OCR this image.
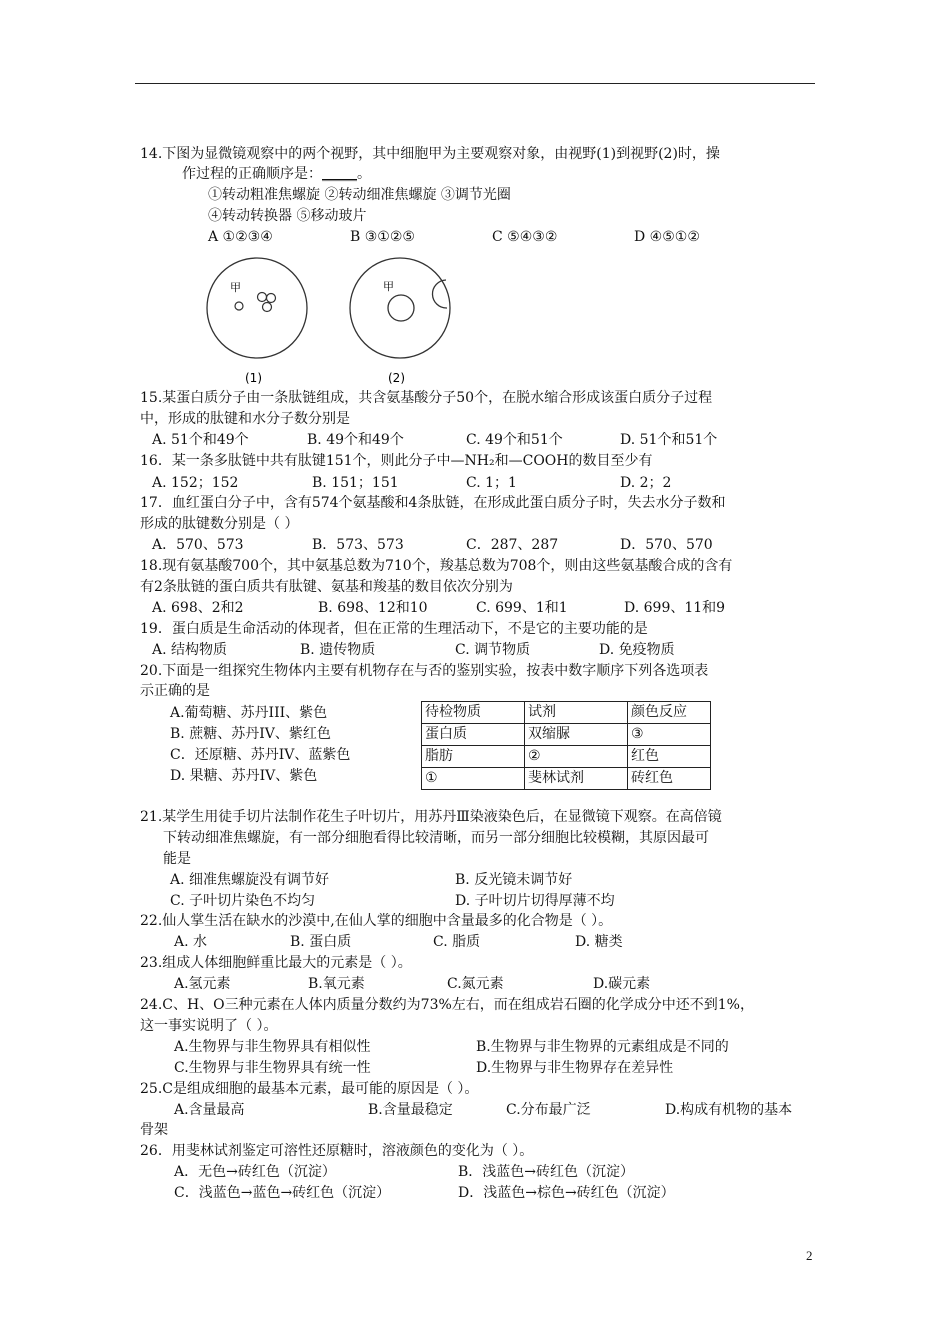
14.下图为显微镜观察中的两个视野，其中细胞甲为主要观察对象，由视野(1)到视野(2)时，操
作过程的正确顺序是：_____。
①转动粗准焦螺旋 ②转动细准焦螺旋 ③调节光圈
④转动转换器 ⑤移动玻片
A ①②③④	B ③①②⑤	C ⑤④③②	D ④⑤①②
甲
(1)
甲
(2)
15.某蛋白质分子由一条肽链组成，共含氨基酸分子50个，在脱水缩合形成该蛋白质分子过程
中，形成的肽键和水分子数分别是
A. 51个和49个	B. 49个和49个	C. 49个和51个	D. 51个和51个
16．某一条多肽链中共有肽键151个，则此分子中—NH₂和—COOH的数目至少有
A. 152；152	B. 151；151	C. 1；1	D. 2；2
17．血红蛋白分子中，含有574个氨基酸和4条肽链，在形成此蛋白质分子时，失去水分子数和
形成的肽键数分别是（ ）
A．570、573	B．573、573	C．287、287	D．570、570
18.现有氨基酸700个，其中氨基总数为710个，羧基总数为708个，则由这些氨基酸合成的含有
有2条肽链的蛋白质共有肽键、氨基和羧基的数目依次分别为
A. 698、2和2	B. 698、12和10	C. 699、1和1	D. 699、11和9
19．蛋白质是生命活动的体现者，但在正常的生理活动下，不是它的主要功能的是
A. 结构物质	B. 遗传物质	C. 调节物质	D. 免疫物质
20.下面是一组探究生物体内主要有机物存在与否的鉴别实验，按表中数字顺序下列各选项表
示正确的是
A.葡萄糖、苏丹III、紫色
B. 蔗糖、苏丹IV、紫红色
C．还原糖、苏丹IV、蓝紫色
D. 果糖、苏丹IV、紫色
待检物质	试剂	颜色反应
蛋白质	双缩脲	③
脂肪	②	红色
①	斐林试剂	砖红色
21.某学生用徒手切片法制作花生子叶切片，用苏丹Ⅲ染液染色后，在显微镜下观察。在高倍镜
下转动细准焦螺旋，有一部分细胞看得比较清晰，而另一部分细胞比较模糊，其原因最可
能是
A. 细准焦螺旋没有调节好	B. 反光镜未调节好
C. 子叶切片染色不均匀	D. 子叶切片切得厚薄不均
22.仙人掌生活在缺水的沙漠中,在仙人掌的细胞中含量最多的化合物是（ ）。
A. 水	B. 蛋白质	C. 脂质	D. 糖类
23.组成人体细胞鲜重比最大的元素是（ ）。
A.氢元素	B.氧元素	C.氮元素	D.碳元素
24.C、H、O三种元素在人体内质量分数约为73%左右，而在组成岩石圈的化学成分中还不到1%，
这一事实说明了（ ）。
A.生物界与非生物界具有相似性	B.生物界与非生物界的元素组成是不同的
C.生物界与非生物界具有统一性	D.生物界与非生物界存在差异性
25.C是组成细胞的最基本元素，最可能的原因是（ ）。
A.含量最高	B.含量最稳定	C.分布最广泛	D.构成有机物的基本
骨架
26．用斐林试剂鉴定可溶性还原糖时，溶液颜色的变化为（ ）。
A．无色→砖红色（沉淀）	B．浅蓝色→砖红色（沉淀）
C．浅蓝色→蓝色→砖红色（沉淀）	D．浅蓝色→棕色→砖红色（沉淀）
2
